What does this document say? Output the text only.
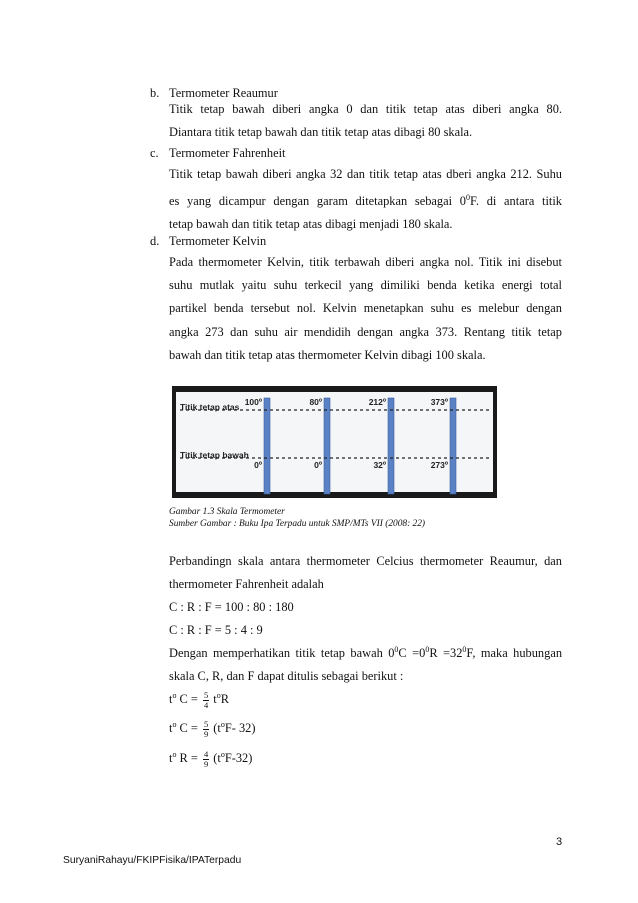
b. Termometer Reaumur
Titik tetap bawah diberi angka 0 dan titik tetap atas diberi angka 80.
Diantara titik tetap bawah dan titik tetap atas dibagi 80 skala.
c. Termometer Fahrenheit
Titik tetap bawah diberi angka 32 dan titik tetap atas dberi angka 212. Suhu
es yang dicampur dengan garam ditetapkan sebagai $0^0F$. di antara titik
tetap bawah dan titik tetap atas dibagi menjadi 180 skala.
d. Termometer Kelvin
Pada thermometer Kelvin, titik terbawah diberi angka nol. Titik ini disebut
suhu mutlak yaitu suhu terkecil yang dimiliki benda ketika energi total
partikel benda tersebut nol. Kelvin menetapkan suhu es melebur dengan
angka 273 dan suhu air mendidih dengan angka 373. Rentang titik tetap
bawah dan titik tetap atas thermometer Kelvin dibagi 100 skala.
Titik tetap atas
Titik tetap bawah
100º	80º	212º	373º
0º	0º	32º	273º
Gambar 1.3 Skala Termometer
Sumber Gambar : Buku Ipa Terpadu untuk SMP/MTs VII (2008: 22)
Perbandingn skala antara thermometer Celcius thermometer Reaumur, dan
thermometer Fahrenheit adalah
C : R : F = 100 : 80 : 180
C : R : F = 5 : 4 : 9
Dengan memperhatikan titik tetap bawah $0^0C =0^0R =32^0F$, maka hubungan
skala C, R, dan F dapat ditulis sebagai berikut :
$t^o$ $C = \frac{5}{4} t^oR$
$t^o$ $C = \frac{5}{9} (t^oF-$ 32)
$t^o$ $R = \frac{4}{9} (t^oF-32)$
3
SuryaniRahayu/FKIPFisika/IPATerpadu
